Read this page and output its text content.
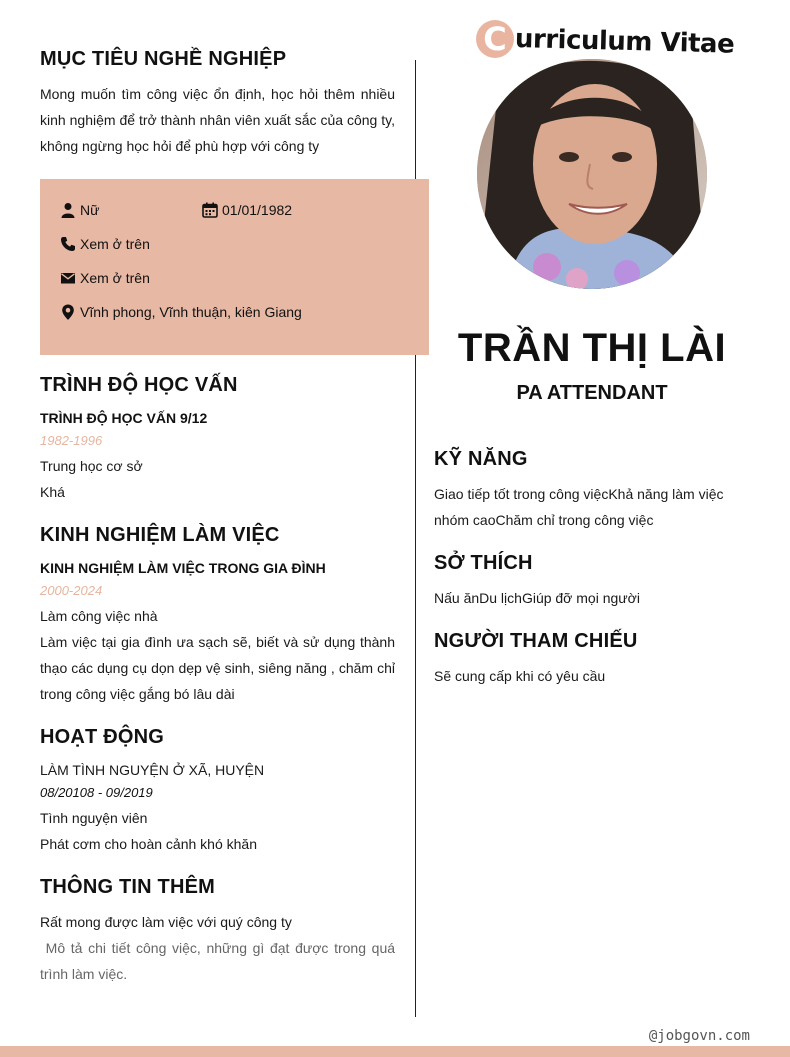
C urriculum Vitae
MỤC TIÊU NGHỀ NGHIỆP
Mong muốn tìm công việc ổn định, học hỏi thêm nhiều kinh nghiệm để trở thành nhân viên xuất sắc của công ty, không ngừng học hỏi để phù hợp với công ty
Nữ	01/01/1982
Xem ở trên
Xem ở trên
Vĩnh phong, Vĩnh thuận, kiên Giang
TRÌNH ĐỘ HỌC VẤN
TRÌNH ĐỘ HỌC VẤN 9/12
1982-1996
Trung học cơ sở
Khá
KINH NGHIỆM LÀM VIỆC
KINH NGHIỆM LÀM VIỆC TRONG GIA ĐÌNH
2000-2024
Làm công việc nhà
Làm việc tại gia đình ưa sạch sẽ, biết và sử dụng thành thạo các dụng cụ dọn dẹp vệ sinh, siêng năng , chăm chỉ trong công việc gắng bó lâu dài
HOẠT ĐỘNG
LÀM TÌNH NGUYỆN Ở XÃ, HUYỆN
08/20108 - 09/2019
Tình nguyện viên
Phát cơm cho hoàn cảnh khó khăn
THÔNG TIN THÊM
Rất mong được làm việc với quý công ty
Mô tả chi tiết công việc, những gì đạt được trong quá trình làm việc.
TRẦN THỊ LÀI
PA ATTENDANT
KỸ NĂNG
Giao tiếp tốt trong công việcKhả năng làm việc nhóm caoChăm chỉ trong công việc
SỞ THÍCH
Nấu ănDu lịchGiúp đỡ mọi người
NGƯỜI THAM CHIẾU
Sẽ cung cấp khi có yêu cầu
@jobgovn.com
